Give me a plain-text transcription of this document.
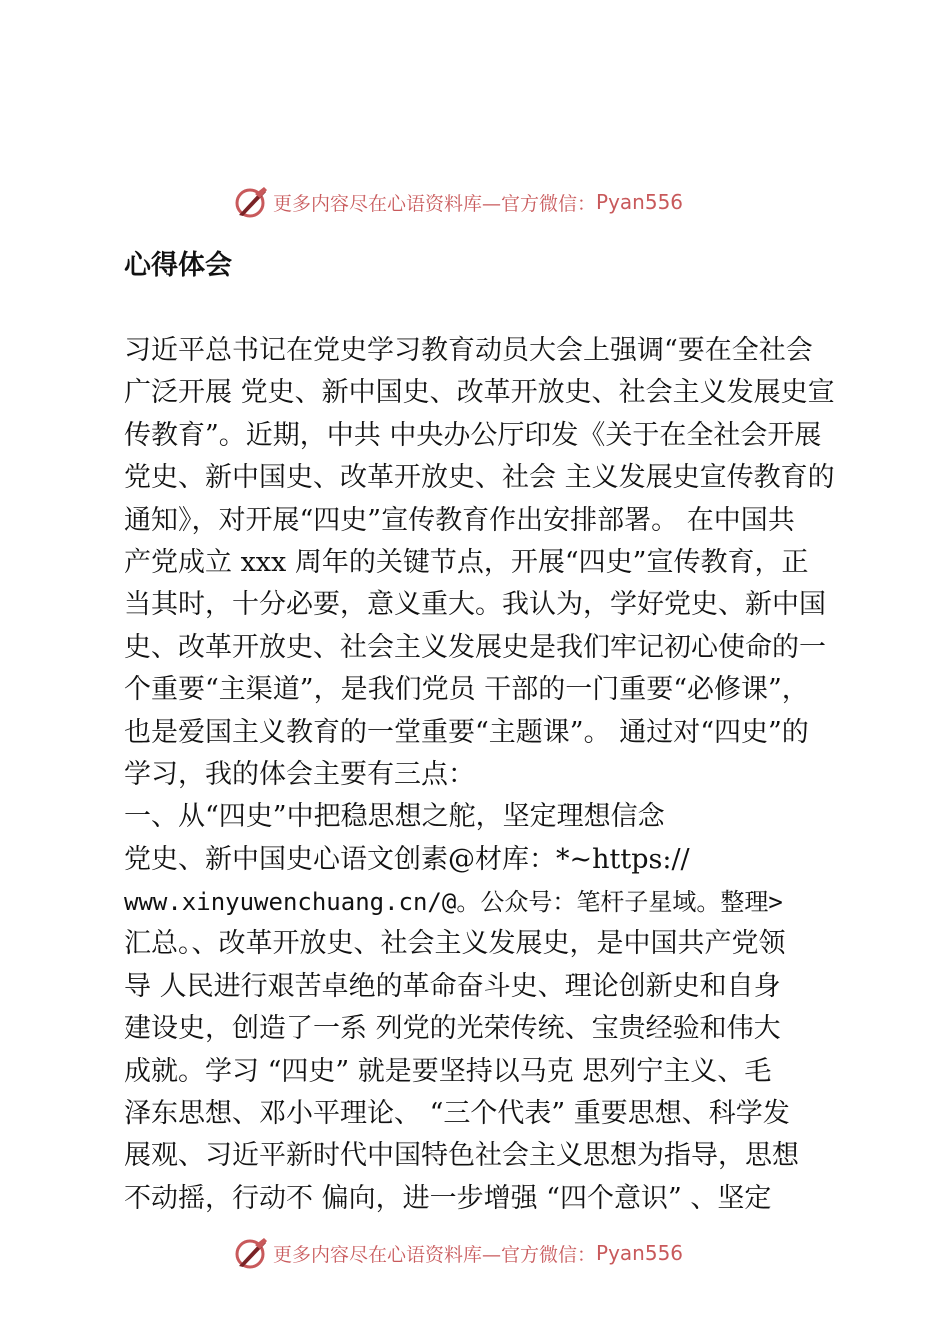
更多内容尽在心语资料库—官方微信： Pyan556
心得体会
习近平总书记在党史学习教育动员大会上强调“要在全社会
广泛开展 党史、新中国史、改革开放史、社会主义发展史宣
传教育”。近期，中共 中央办公厅印发《关于在全社会开展
党史、新中国史、改革开放史、社会 主义发展史宣传教育的
通知》，对开展“四史”宣传教育作出安排部署。 在中国共
产党成立 xxx 周年的关键节点，开展“四史”宣传教育，正
当其时，十分必要，意义重大。我认为，学好党史、新中国
史、改革开放史、社会主义发展史是我们牢记初心使命的一
个重要“主渠道”，是我们党员 干部的一门重要“必修课”，
也是爱国主义教育的一堂重要“主题课”。 通过对“四史”的
学习，我的体会主要有三点：
一、从“四史”中把稳思想之舵，坚定理想信念
党史、新中国史心语文创素@材库：*~https://
www.xinyuwenchuang.cn/@。公众号：笔杆子星域。整理>
汇总。、改革开放史、社会主义发展史，是中国共产党领
导 人民进行艰苦卓绝的革命奋斗史、理论创新史和自身
建设史，创造了一系 列党的光荣传统、宝贵经验和伟大
成就。学习 “四史” 就是要坚持以马克 思列宁主义、毛
泽东思想、邓小平理论、 “三个代表” 重要思想、科学发
展观、习近平新时代中国特色社会主义思想为指导，思想
不动摇，行动不 偏向，进一步增强 “四个意识” 、坚定
更多内容尽在心语资料库—官方微信： Pyan556
